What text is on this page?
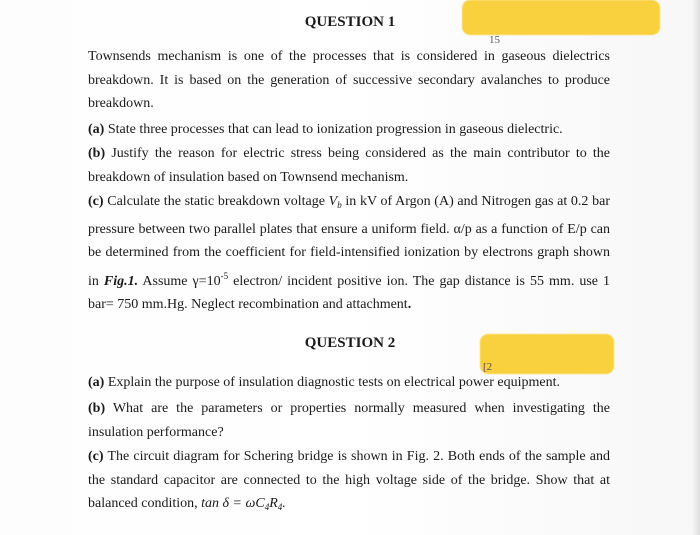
QUESTION 1
15
Townsends mechanism is one of the processes that is considered in gaseous dielectrics breakdown. It is based on the generation of successive secondary avalanches to produce breakdown.
(a) State three processes that can lead to ionization progression in gaseous dielectric.
(b) Justify the reason for electric stress being considered as the main contributor to the breakdown of insulation based on Townsend mechanism.
(c) Calculate the static breakdown voltage $V_b$ in kV of Argon (A) and Nitrogen gas at 0.2 bar pressure between two parallel plates that ensure a uniform field. α/p as a function of E/p can be determined from the coefficient for field-intensified ionization by electrons graph shown in Fig.1. Assume $\gamma=10^{-5}$ electron/ incident positive ion. The gap distance is 55 mm. use 1 bar= 750 mm.Hg. Neglect recombination and attachment.
QUESTION 2
[2
(a) Explain the purpose of insulation diagnostic tests on electrical power equipment.
(b) What are the parameters or properties normally measured when investigating the insulation performance?
(c) The circuit diagram for Schering bridge is shown in Fig. 2. Both ends of the sample and the standard capacitor are connected to the high voltage side of the bridge. Show that at balanced condition, $\tan \delta = \omega C_4R_4$.
